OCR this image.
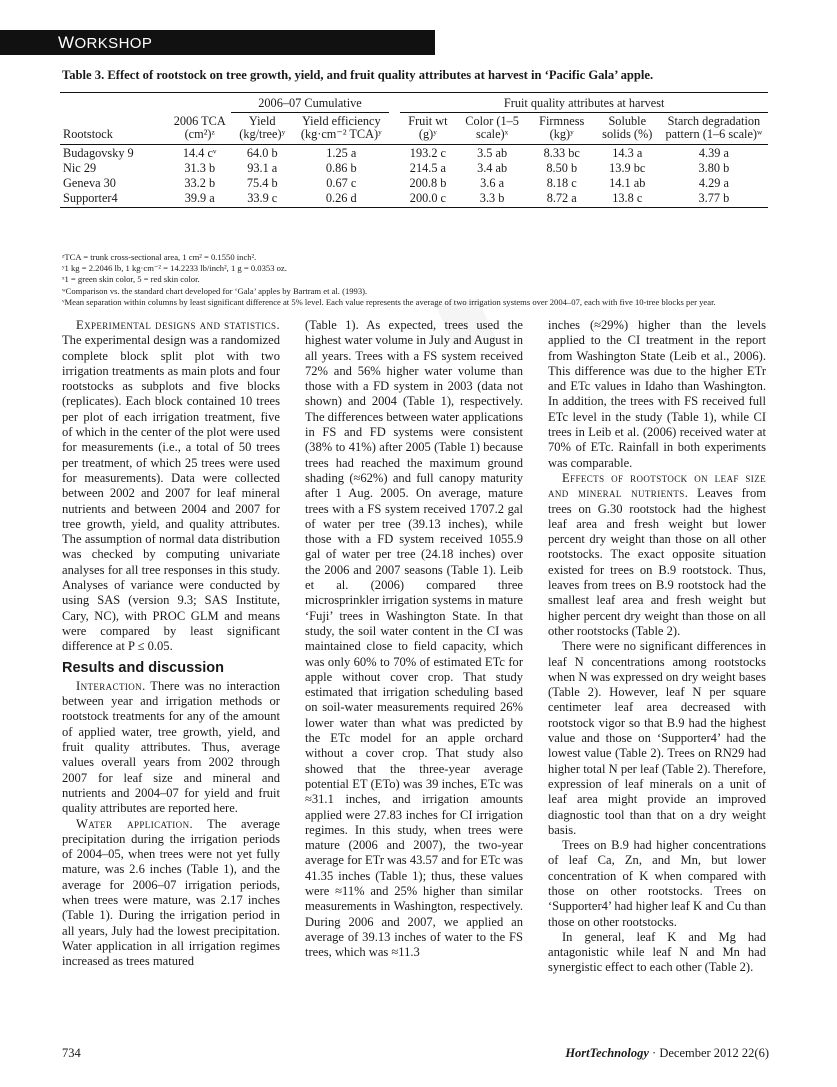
WORKSHOP
Table 3. Effect of rootstock on tree growth, yield, and fruit quality attributes at harvest in ‘Pacific Gala’ apple.

		2006–07 Cumulative			Fruit quality attributes at harvest				
Rootstock	2006 TCA (cm²)ᶻ	Yield (kg/tree)ʸ	Yield efficiency (kg·cm⁻² TCA)ʸ		Fruit wt (g)ʸ	Color (1–5 scale)ˣ	Firmness (kg)ʸ	Soluble solids (%)	Starch degradation pattern (1–6 scale)ʷ
Budagovsky 9	14.4 cᵛ	64.0 b	1.25 a		193.2 c	3.5 ab	8.33 bc	14.3 a	4.39 a
Nic 29	31.3 b	93.1 a	0.86 b		214.5 a	3.4 ab	8.50 b	13.9 bc	3.80 b
Geneva 30	33.2 b	75.4 b	0.67 c		200.8 b	3.6 a	8.18 c	14.1 ab	4.29 a
Supporter4	39.9 a	33.9 c	0.26 d		200.0 c	3.3 b	8.72 a	13.8 c	3.77 b

ᶻTCA = trunk cross-sectional area, 1 cm² = 0.1550 inch².

ʸ1 kg = 2.2046 lb, 1 kg·cm⁻² = 14.2233 lb/inch², 1 g = 0.0353 oz.

ˣ1 = green skin color, 5 = red skin color.

ʷComparison vs. the standard chart developed for ‘Gala’ apples by Bartram et al. (1993).

ᵛMean separation within columns by least significant difference at 5% level. Each value represents the average of two irrigation systems over 2004–07, each with five 10-tree blocks per year.

Experimental designs and statistics. The experimental design was a randomized complete block split plot with two irrigation treatments as main plots and four rootstocks as subplots and five blocks (replicates). Each block contained 10 trees per plot of each irrigation treatment, five of which in the center of the plot were used for measurements (i.e., a total of 50 trees per treatment, of which 25 trees were used for measurements). Data were collected between 2002 and 2007 for leaf mineral nutrients and between 2004 and 2007 for tree growth, yield, and quality attributes. The assumption of normal data distribution was checked by computing univariate analyses for all tree responses in this study. Analyses of variance were conducted by using SAS (version 9.3; SAS Institute, Cary, NC), with PROC GLM and means were compared by least significant difference at P ≤ 0.05.

Results and discussion

Interaction. There was no interaction between year and irrigation methods or rootstock treatments for any of the amount of applied water, tree growth, yield, and fruit quality attributes. Thus, average values overall years from 2002 through 2007 for leaf size and mineral and nutrients and 2004–07 for yield and fruit quality attributes are reported here.

Water application. The average precipitation during the irrigation periods of 2004–05, when trees were not yet fully mature, was 2.6 inches (Table 1), and the average for 2006–07 irrigation periods, when trees were mature, was 2.17 inches (Table 1). During the irrigation period in all years, July had the lowest precipitation. Water application in all irrigation regimes increased as trees matured

(Table 1). As expected, trees used the highest water volume in July and August in all years. Trees with a FS system received 72% and 56% higher water volume than those with a FD system in 2003 (data not shown) and 2004 (Table 1), respectively. The differences between water applications in FS and FD systems were consistent (38% to 41%) after 2005 (Table 1) because trees had reached the maximum ground shading (≈62%) and full canopy maturity after 1 Aug. 2005. On average, mature trees with a FS system received 1707.2 gal of water per tree (39.13 inches), while those with a FD system received 1055.9 gal of water per tree (24.18 inches) over the 2006 and 2007 seasons (Table 1). Leib et al. (2006) compared three microsprinkler irrigation systems in mature ‘Fuji’ trees in Washington State. In that study, the soil water content in the CI was maintained close to field capacity, which was only 60% to 70% of estimated ETc for apple without cover crop. That study estimated that irrigation scheduling based on soil-water measurements required 26% lower water than what was predicted by the ETc model for an apple orchard without a cover crop. That study also showed that the three-year average potential ET (ETo) was 39 inches, ETc was ≈31.1 inches, and irrigation amounts applied were 27.83 inches for CI irrigation regimes. In this study, when trees were mature (2006 and 2007), the two-year average for ETr was 43.57 and for ETc was 41.35 inches (Table 1); thus, these values were ≈11% and 25% higher than similar measurements in Washington, respectively. During 2006 and 2007, we applied an average of 39.13 inches of water to the FS trees, which was ≈11.3

inches (≈29%) higher than the levels applied to the CI treatment in the report from Washington State (Leib et al., 2006). This difference was due to the higher ETr and ETc values in Idaho than Washington. In addition, the trees with FS received full ETc level in the study (Table 1), while CI trees in Leib et al. (2006) received water at 70% of ETc. Rainfall in both experiments was comparable.

Effects of rootstock on leaf size and mineral nutrients. Leaves from trees on G.30 rootstock had the highest leaf area and fresh weight but lower percent dry weight than those on all other rootstocks. The exact opposite situation existed for trees on B.9 rootstock. Thus, leaves from trees on B.9 rootstock had the smallest leaf area and fresh weight but higher percent dry weight than those on all other rootstocks (Table 2).

There were no significant differences in leaf N concentrations among rootstocks when N was expressed on dry weight bases (Table 2). However, leaf N per square centimeter leaf area decreased with rootstock vigor so that B.9 had the highest value and those on ‘Supporter4’ had the lowest value (Table 2). Trees on RN29 had higher total N per leaf (Table 2). Therefore, expression of leaf minerals on a unit of leaf area might provide an improved diagnostic tool than that on a dry weight basis.

Trees on B.9 had higher concentrations of leaf Ca, Zn, and Mn, but lower concentration of K when compared with those on other rootstocks. Trees on ‘Supporter4’ had higher leaf K and Cu than those on other rootstocks.

In general, leaf K and Mg had antagonistic while leaf N and Mn had synergistic effect to each other (Table 2).

734	HortTechnology · December 2012 22(6)
